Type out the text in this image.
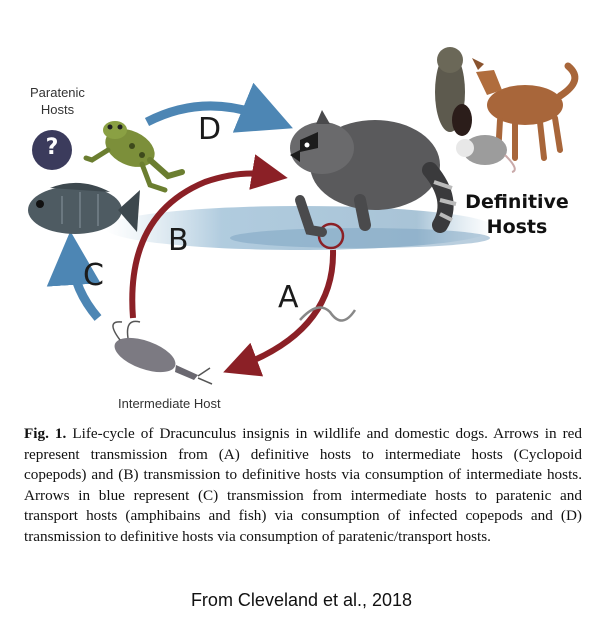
Paratenic
Hosts
?
D
B
C
A
Definitive
Hosts
Intermediate Host
Fig. 1. Life-cycle of Dracunculus insignis in wildlife and domestic dogs. Arrows in red represent transmission from (A) definitive hosts to intermediate hosts (Cyclopoid copepods) and (B) transmission to definitive hosts via consumption of intermediate hosts. Arrows in blue represent (C) transmission from intermediate hosts to paratenic and transport hosts (amphibains and fish) via consumption of infected copepods and (D) transmission to definitive hosts via consumption of paratenic/transport hosts.
From Cleveland et al., 2018
